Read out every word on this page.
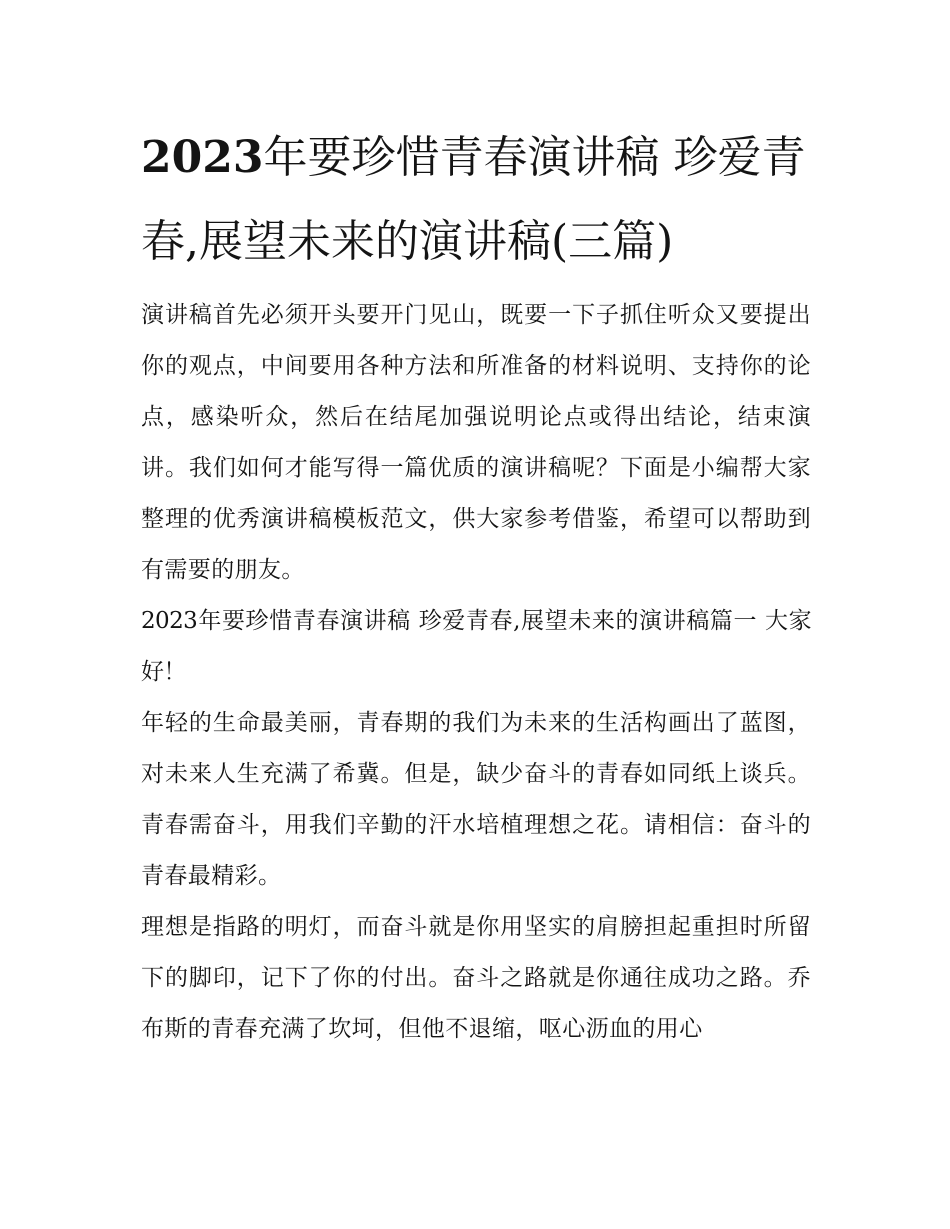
2023年要珍惜青春演讲稿 珍爱青春,展望未来的演讲稿(三篇)

演讲稿首先必须开头要开门见山，既要一下子抓住听众又要提出你的观点，中间要用各种方法和所准备的材料说明、支持你的论点，感染听众，然后在结尾加强说明论点或得出结论，结束演讲。我们如何才能写得一篇优质的演讲稿呢？下面是小编帮大家整理的优秀演讲稿模板范文，供大家参考借鉴，希望可以帮助到有需要的朋友。

2023年要珍惜青春演讲稿 珍爱青春,展望未来的演讲稿篇一 大家好！

年轻的生命最美丽，青春期的我们为未来的生活构画出了蓝图，对未来人生充满了希冀。但是，缺少奋斗的青春如同纸上谈兵。青春需奋斗，用我们辛勤的汗水培植理想之花。请相信：奋斗的青春最精彩。

理想是指路的明灯，而奋斗就是你用坚实的肩膀担起重担时所留下的脚印，记下了你的付出。奋斗之路就是你通往成功之路。乔布斯的青春充满了坎坷，但他不退缩，呕心沥血的用心
